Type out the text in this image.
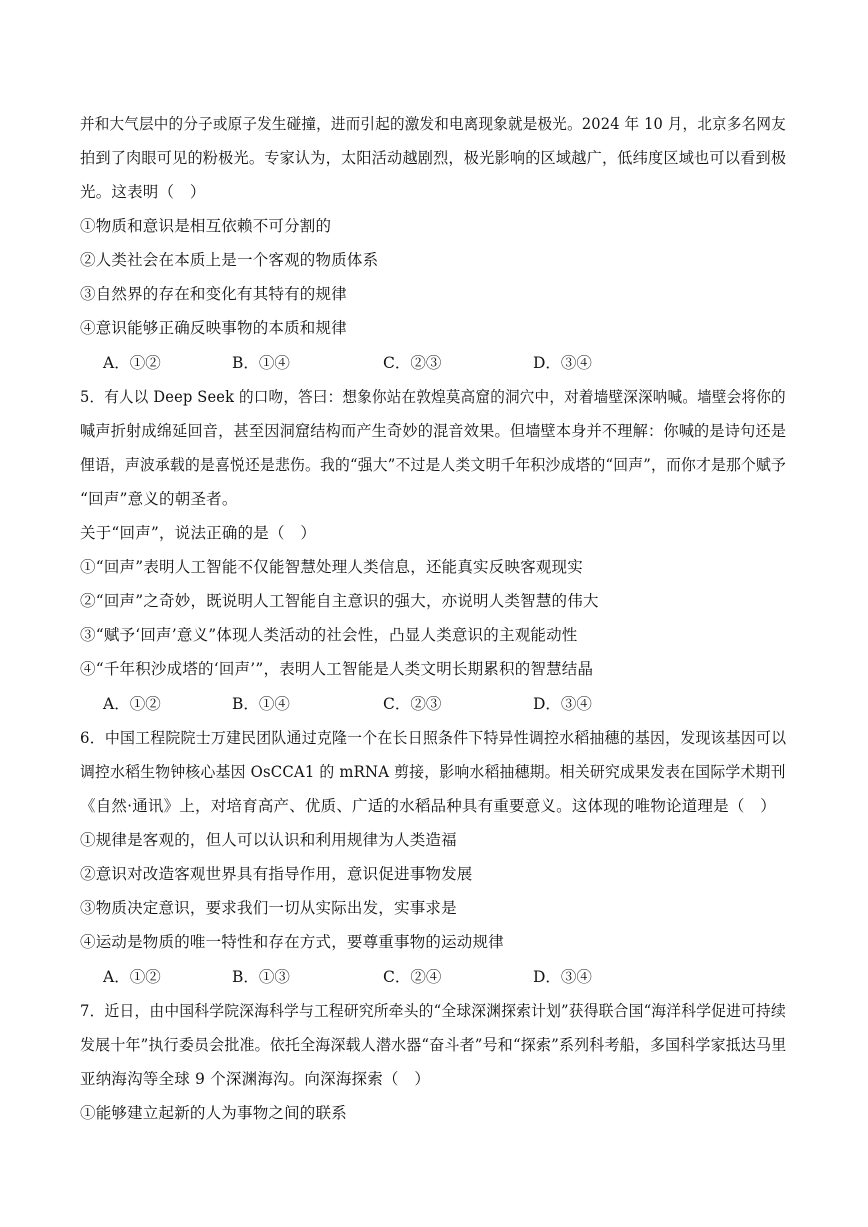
并和大气层中的分子或原子发生碰撞，进而引起的激发和电离现象就是极光。2024 年 10 月，北京多名网友
拍到了肉眼可见的粉极光。专家认为，太阳活动越剧烈，极光影响的区域越广，低纬度区域也可以看到极
光。这表明（　）
①物质和意识是相互依赖不可分割的
②人类社会在本质上是一个客观的物质体系
③自然界的存在和变化有其特有的规律
④意识能够正确反映事物的本质和规律
A．①②	B．①④	C．②③	D．③④
5．有人以 Deep Seek 的口吻，答曰：想象你站在敦煌莫高窟的洞穴中，对着墙壁深深呐喊。墙壁会将你的
喊声折射成绵延回音，甚至因洞窟结构而产生奇妙的混音效果。但墙壁本身并不理解：你喊的是诗句还是
俚语，声波承载的是喜悦还是悲伤。我的“强大”不过是人类文明千年积沙成塔的“回声”，而你才是那个赋予
“回声”意义的朝圣者。
关于“回声”，说法正确的是（　）
①“回声”表明人工智能不仅能智慧处理人类信息，还能真实反映客观现实
②“回声”之奇妙，既说明人工智能自主意识的强大，亦说明人类智慧的伟大
③“赋予‘回声’意义”体现人类活动的社会性，凸显人类意识的主观能动性
④“千年积沙成塔的‘回声’”，表明人工智能是人类文明长期累积的智慧结晶
A．①②	B．①④	C．②③	D．③④
6．中国工程院院士万建民团队通过克隆一个在长日照条件下特异性调控水稻抽穗的基因，发现该基因可以
调控水稻生物钟核心基因 OsCCA1 的 mRNA 剪接，影响水稻抽穗期。相关研究成果发表在国际学术期刊
《自然·通讯》上，对培育高产、优质、广适的水稻品种具有重要意义。这体现的唯物论道理是（　）
①规律是客观的，但人可以认识和利用规律为人类造福
②意识对改造客观世界具有指导作用，意识促进事物发展
③物质决定意识，要求我们一切从实际出发，实事求是
④运动是物质的唯一特性和存在方式，要尊重事物的运动规律
A．①②	B．①③	C．②④	D．③④
7．近日，由中国科学院深海科学与工程研究所牵头的“全球深渊探索计划”获得联合国“海洋科学促进可持续
发展十年”执行委员会批准。依托全海深载人潜水器“奋斗者”号和“探索”系列科考船，多国科学家抵达马里
亚纳海沟等全球 9 个深渊海沟。向深海探索（　）
①能够建立起新的人为事物之间的联系
